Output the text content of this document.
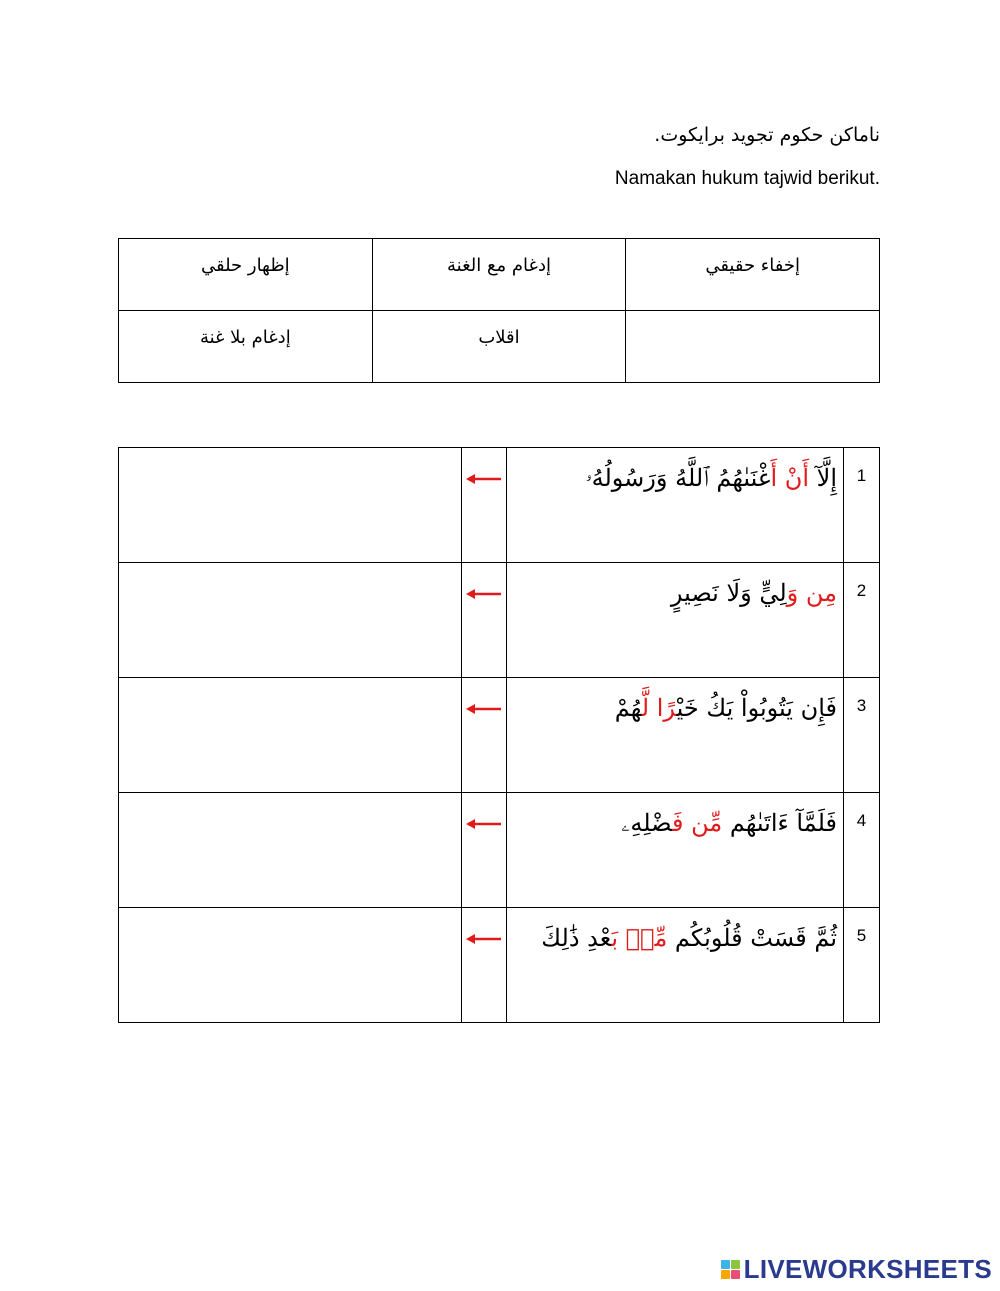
ناماكن حكوم تجويد برايكوت.
Namakan hukum tajwid berikut.
إظهار حلقي	إدغام مع الغنة	إخفاء حقيقي
إدغام بلا غنة	اقلاب	
		إِلَّآ أَنْ أَغْنَىٰهُمُ ٱللَّهُ وَرَسُولُهُۥ	1
		مِن وَلِيٍّ وَلَا نَصِيرٍ	2
		فَإِن يَتُوبُواْ يَكُ خَيْرًا لَّهُمْ	3
		فَلَمَّآ ءَاتَىٰهُم مِّن فَضْلِهِۦ	4
		ثُمَّ قَسَتْ قُلُوبُكُم مِّنۢ بَعْدِ ذَٰلِكَ	5
LIVEWORKSHEETS
